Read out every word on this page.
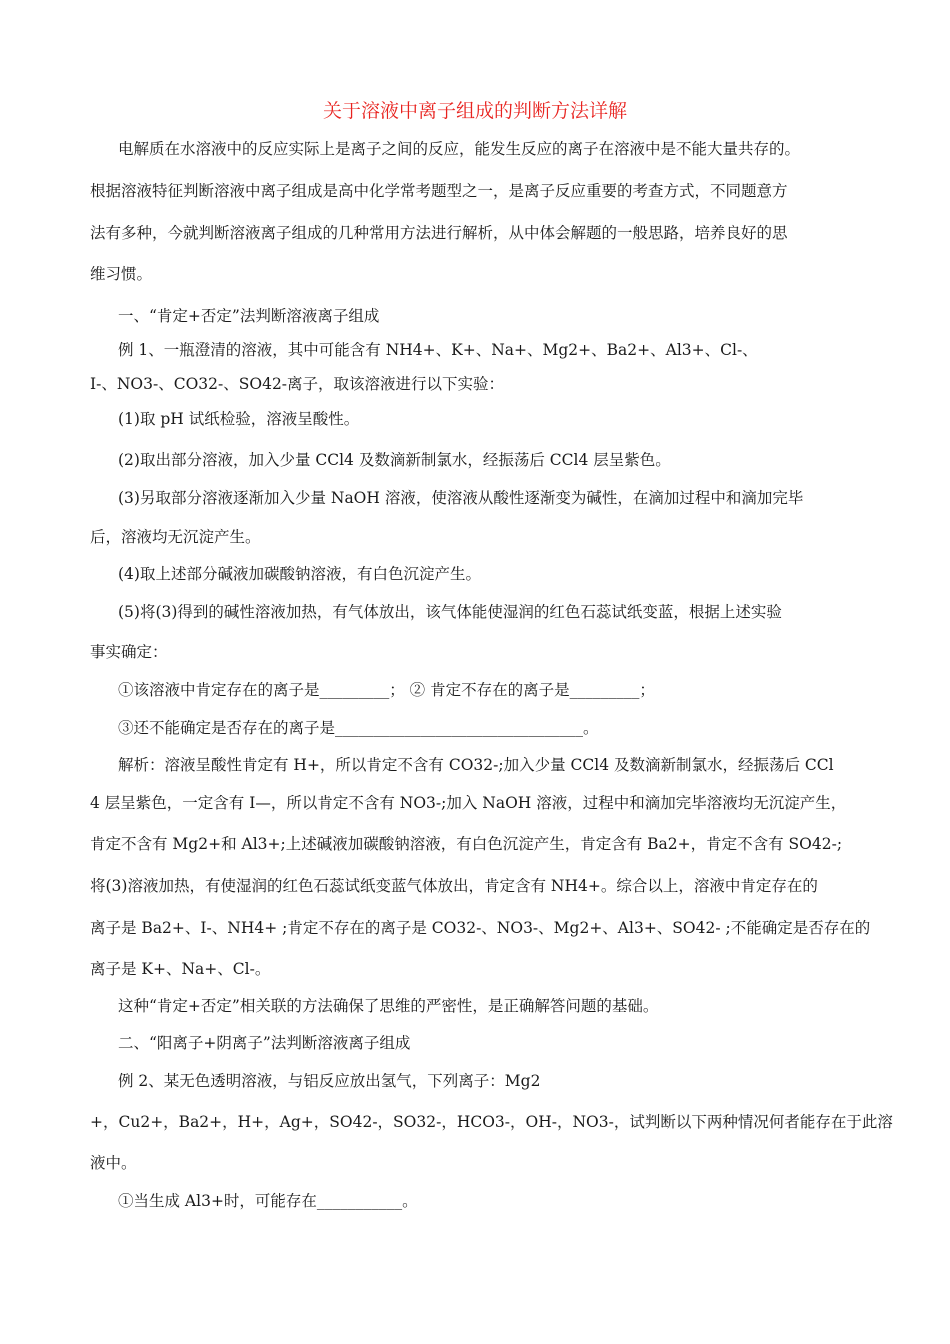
关于溶液中离子组成的判断方法详解
电解质在水溶液中的反应实际上是离子之间的反应，能发生反应的离子在溶液中是不能大量共存的。
根据溶液特征判断溶液中离子组成是高中化学常考题型之一，是离子反应重要的考查方式，不同题意方
法有多种，今就判断溶液离子组成的几种常用方法进行解析，从中体会解题的一般思路，培养良好的思
维习惯。
一、“肯定+否定”法判断溶液离子组成
例 1、一瓶澄清的溶液，其中可能含有 NH4+、K+、Na+、Mg2+、Ba2+、Al3+、Cl-、
I-、NO3-、CO32-、SO42-离子，取该溶液进行以下实验：
(1)取 pH 试纸检验，溶液呈酸性。
(2)取出部分溶液，加入少量 CCl4 及数滴新制氯水，经振荡后 CCl4 层呈紫色。
(3)另取部分溶液逐渐加入少量 NaOH 溶液，使溶液从酸性逐渐变为碱性，在滴加过程中和滴加完毕
后，溶液均无沉淀产生。
(4)取上述部分碱液加碳酸钠溶液，有白色沉淀产生。
(5)将(3)得到的碱性溶液加热，有气体放出，该气体能使湿润的红色石蕊试纸变蓝，根据上述实验
事实确定：
①该溶液中肯定存在的离子是_________； ② 肯定不存在的离子是_________；
③还不能确定是否存在的离子是________________________________。
解析：溶液呈酸性肯定有 H+，所以肯定不含有 CO32-;加入少量 CCl4 及数滴新制氯水，经振荡后 CCl
4 层呈紫色，一定含有 I—，所以肯定不含有 NO3-;加入 NaOH 溶液，过程中和滴加完毕溶液均无沉淀产生，
肯定不含有 Mg2+和 Al3+;上述碱液加碳酸钠溶液，有白色沉淀产生，肯定含有 Ba2+，肯定不含有 SO42-;
将(3)溶液加热，有使湿润的红色石蕊试纸变蓝气体放出，肯定含有 NH4+。综合以上，溶液中肯定存在的
离子是 Ba2+、I-、NH4+ ;肯定不存在的离子是 CO32-、NO3-、Mg2+、Al3+、SO42- ;不能确定是否存在的
离子是 K+、Na+、Cl-。
这种“肯定+否定”相关联的方法确保了思维的严密性，是正确解答问题的基础。
二、“阳离子+阴离子”法判断溶液离子组成
例 2、某无色透明溶液，与铝反应放出氢气，下列离子：Mg2
+，Cu2+，Ba2+，H+，Ag+，SO42-，SO32-，HCO3-，OH-，NO3-，试判断以下两种情况何者能存在于此溶
液中。
①当生成 Al3+时，可能存在___________。
